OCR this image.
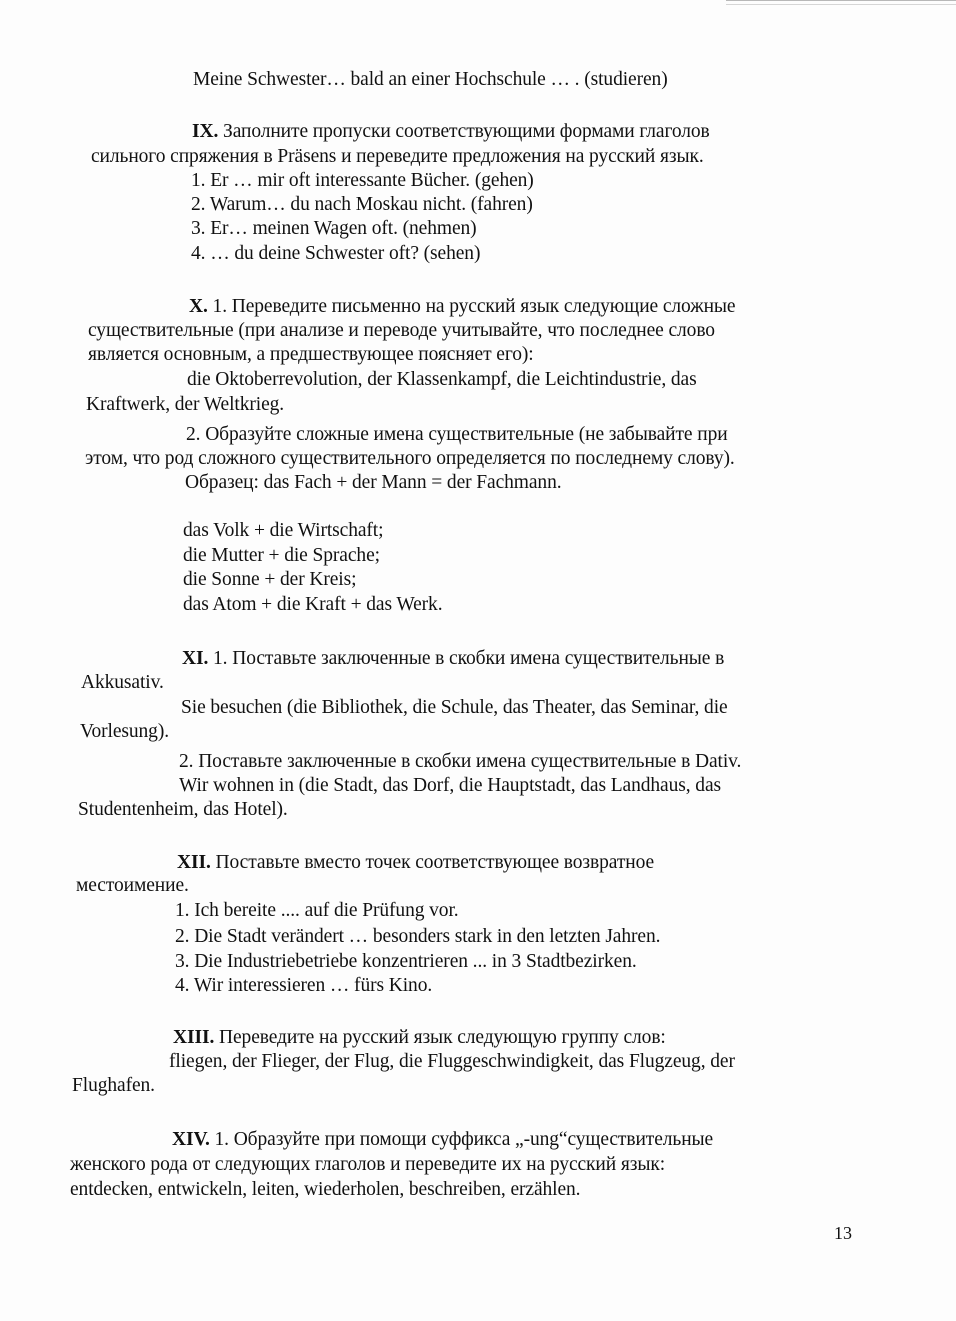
Meine Schwester… bald an einer Hochschule … . (studieren)
IX. Заполните пропуски соответствующими формами глаголов
сильного спряжения в Präsens и переведите предложения на русский язык.
1. Er … mir oft interessante Bücher. (gehen)
2. Warum… du nach Moskau nicht. (fahren)
3. Er… meinen Wagen oft. (nehmen)
4. … du deine Schwester oft? (sehen)
X. 1. Переведите письменно на русский язык следующие сложные
существительные (при анализе и переводе учитывайте, что последнее слово
является основным, а предшествующее поясняет его):
die Oktoberrevolution, der Klassenkampf, die Leichtindustrie, das
Kraftwerk, der Weltkrieg.
2. Образуйте сложные имена существительные (не забывайте при
этом, что род сложного существительного определяется по последнему слову).
Образец: das Fach + der Mann = der Fachmann.
das Volk + die Wirtschaft;
die Mutter + die Sprache;
die Sonne + der Kreis;
das Atom + die Kraft + das Werk.
XI. 1. Поставьте заключенные в скобки имена существительные в
Akkusativ.
Sie besuchen (die Bibliothek, die Schule, das Theater, das Seminar, die
Vorlesung).
2. Поставьте заключенные в скобки имена существительные в Dativ.
Wir wohnen in (die Stadt, das Dorf, die Hauptstadt, das Landhaus, das
Studentenheim, das Hotel).
XII. Поставьте вместо точек соответствующее возвратное
местоимение.
1. Ich bereite .... auf die Prüfung vor.
2. Die Stadt verändert … besonders stark in den letzten Jahren.
3. Die Industriebetriebe konzentrieren ... in 3 Stadtbezirken.
4. Wir interessieren … fürs Kino.
XIII. Переведите на русский язык следующую группу слов:
fliegen, der Flieger, der Flug, die Fluggeschwindigkeit, das Flugzeug, der
Flughafen.
XIV. 1. Образуйте при помощи суффикса „-ung“существительные
женского рода от следующих глаголов и переведите их на русский язык:
entdecken, entwickeln, leiten, wiederholen, beschreiben, erzählen.
13
